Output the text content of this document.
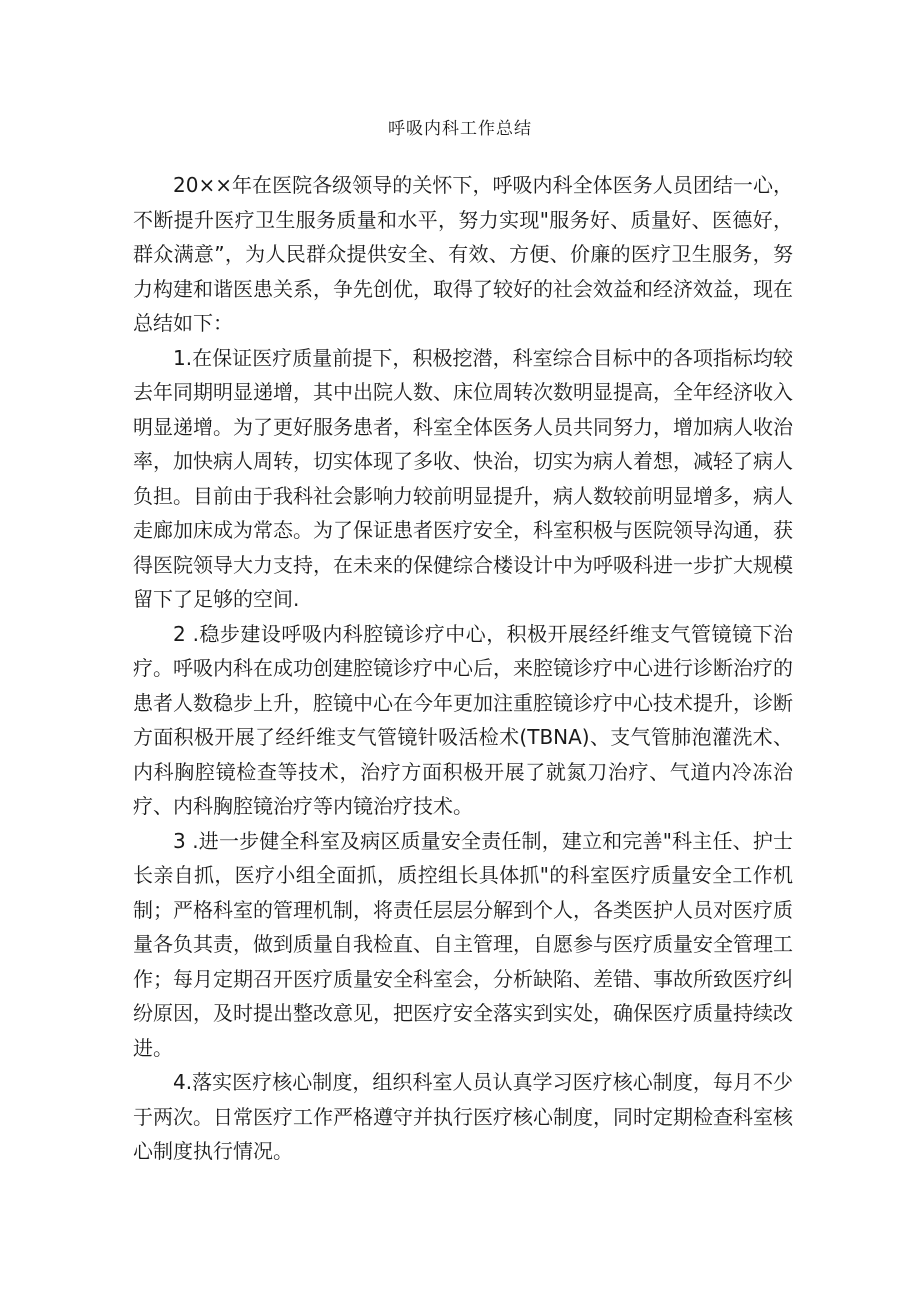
呼吸内科工作总结

20××年在医院各级领导的关怀下，呼吸内科全体医务人员团结一心，不断提升医疗卫生服务质量和水平，努力实现"服务好、质量好、医德好，群众满意”，为人民群众提供安全、有效、方便、价廉的医疗卫生服务，努力构建和谐医患关系，争先创优，取得了较好的社会效益和经济效益，现在总结如下：

1.在保证医疗质量前提下，积极挖潜，科室综合目标中的各项指标均较去年同期明显递增，其中出院人数、床位周转次数明显提高，全年经济收入明显递增。为了更好服务患者，科室全体医务人员共同努力，增加病人收治率，加快病人周转，切实体现了多收、快治，切实为病人着想，减轻了病人负担。目前由于我科社会影响力较前明显提升，病人数较前明显增多，病人走廊加床成为常态。为了保证患者医疗安全，科室积极与医院领导沟通，获得医院领导大力支持，在未来的保健综合楼设计中为呼吸科进一步扩大规模留下了足够的空间.

2 .稳步建设呼吸内科腔镜诊疗中心，积极开展经纤维支气管镜镜下治疗。呼吸内科在成功创建腔镜诊疗中心后，来腔镜诊疗中心进行诊断治疗的患者人数稳步上升，腔镜中心在今年更加注重腔镜诊疗中心技术提升，诊断方面积极开展了经纤维支气管镜针吸活检术(TBNA)、支气管肺泡灌洗术、内科胸腔镜检查等技术，治疗方面积极开展了就氮刀治疗、气道内冷冻治疗、内科胸腔镜治疗等内镜治疗技术。

3 .进一步健全科室及病区质量安全责任制，建立和完善"科主任、护士长亲自抓，医疗小组全面抓，质控组长具体抓"的科室医疗质量安全工作机制；严格科室的管理机制，将责任层层分解到个人，各类医护人员对医疗质量各负其责，做到质量自我检直、自主管理，自愿参与医疗质量安全管理工作；每月定期召开医疗质量安全科室会，分析缺陷、差错、事故所致医疗纠纷原因，及时提出整改意见，把医疗安全落实到实处，确保医疗质量持续改进。

4.落实医疗核心制度，组织科室人员认真学习医疗核心制度，每月不少于两次。日常医疗工作严格遵守并执行医疗核心制度，同时定期检查科室核心制度执行情况。
